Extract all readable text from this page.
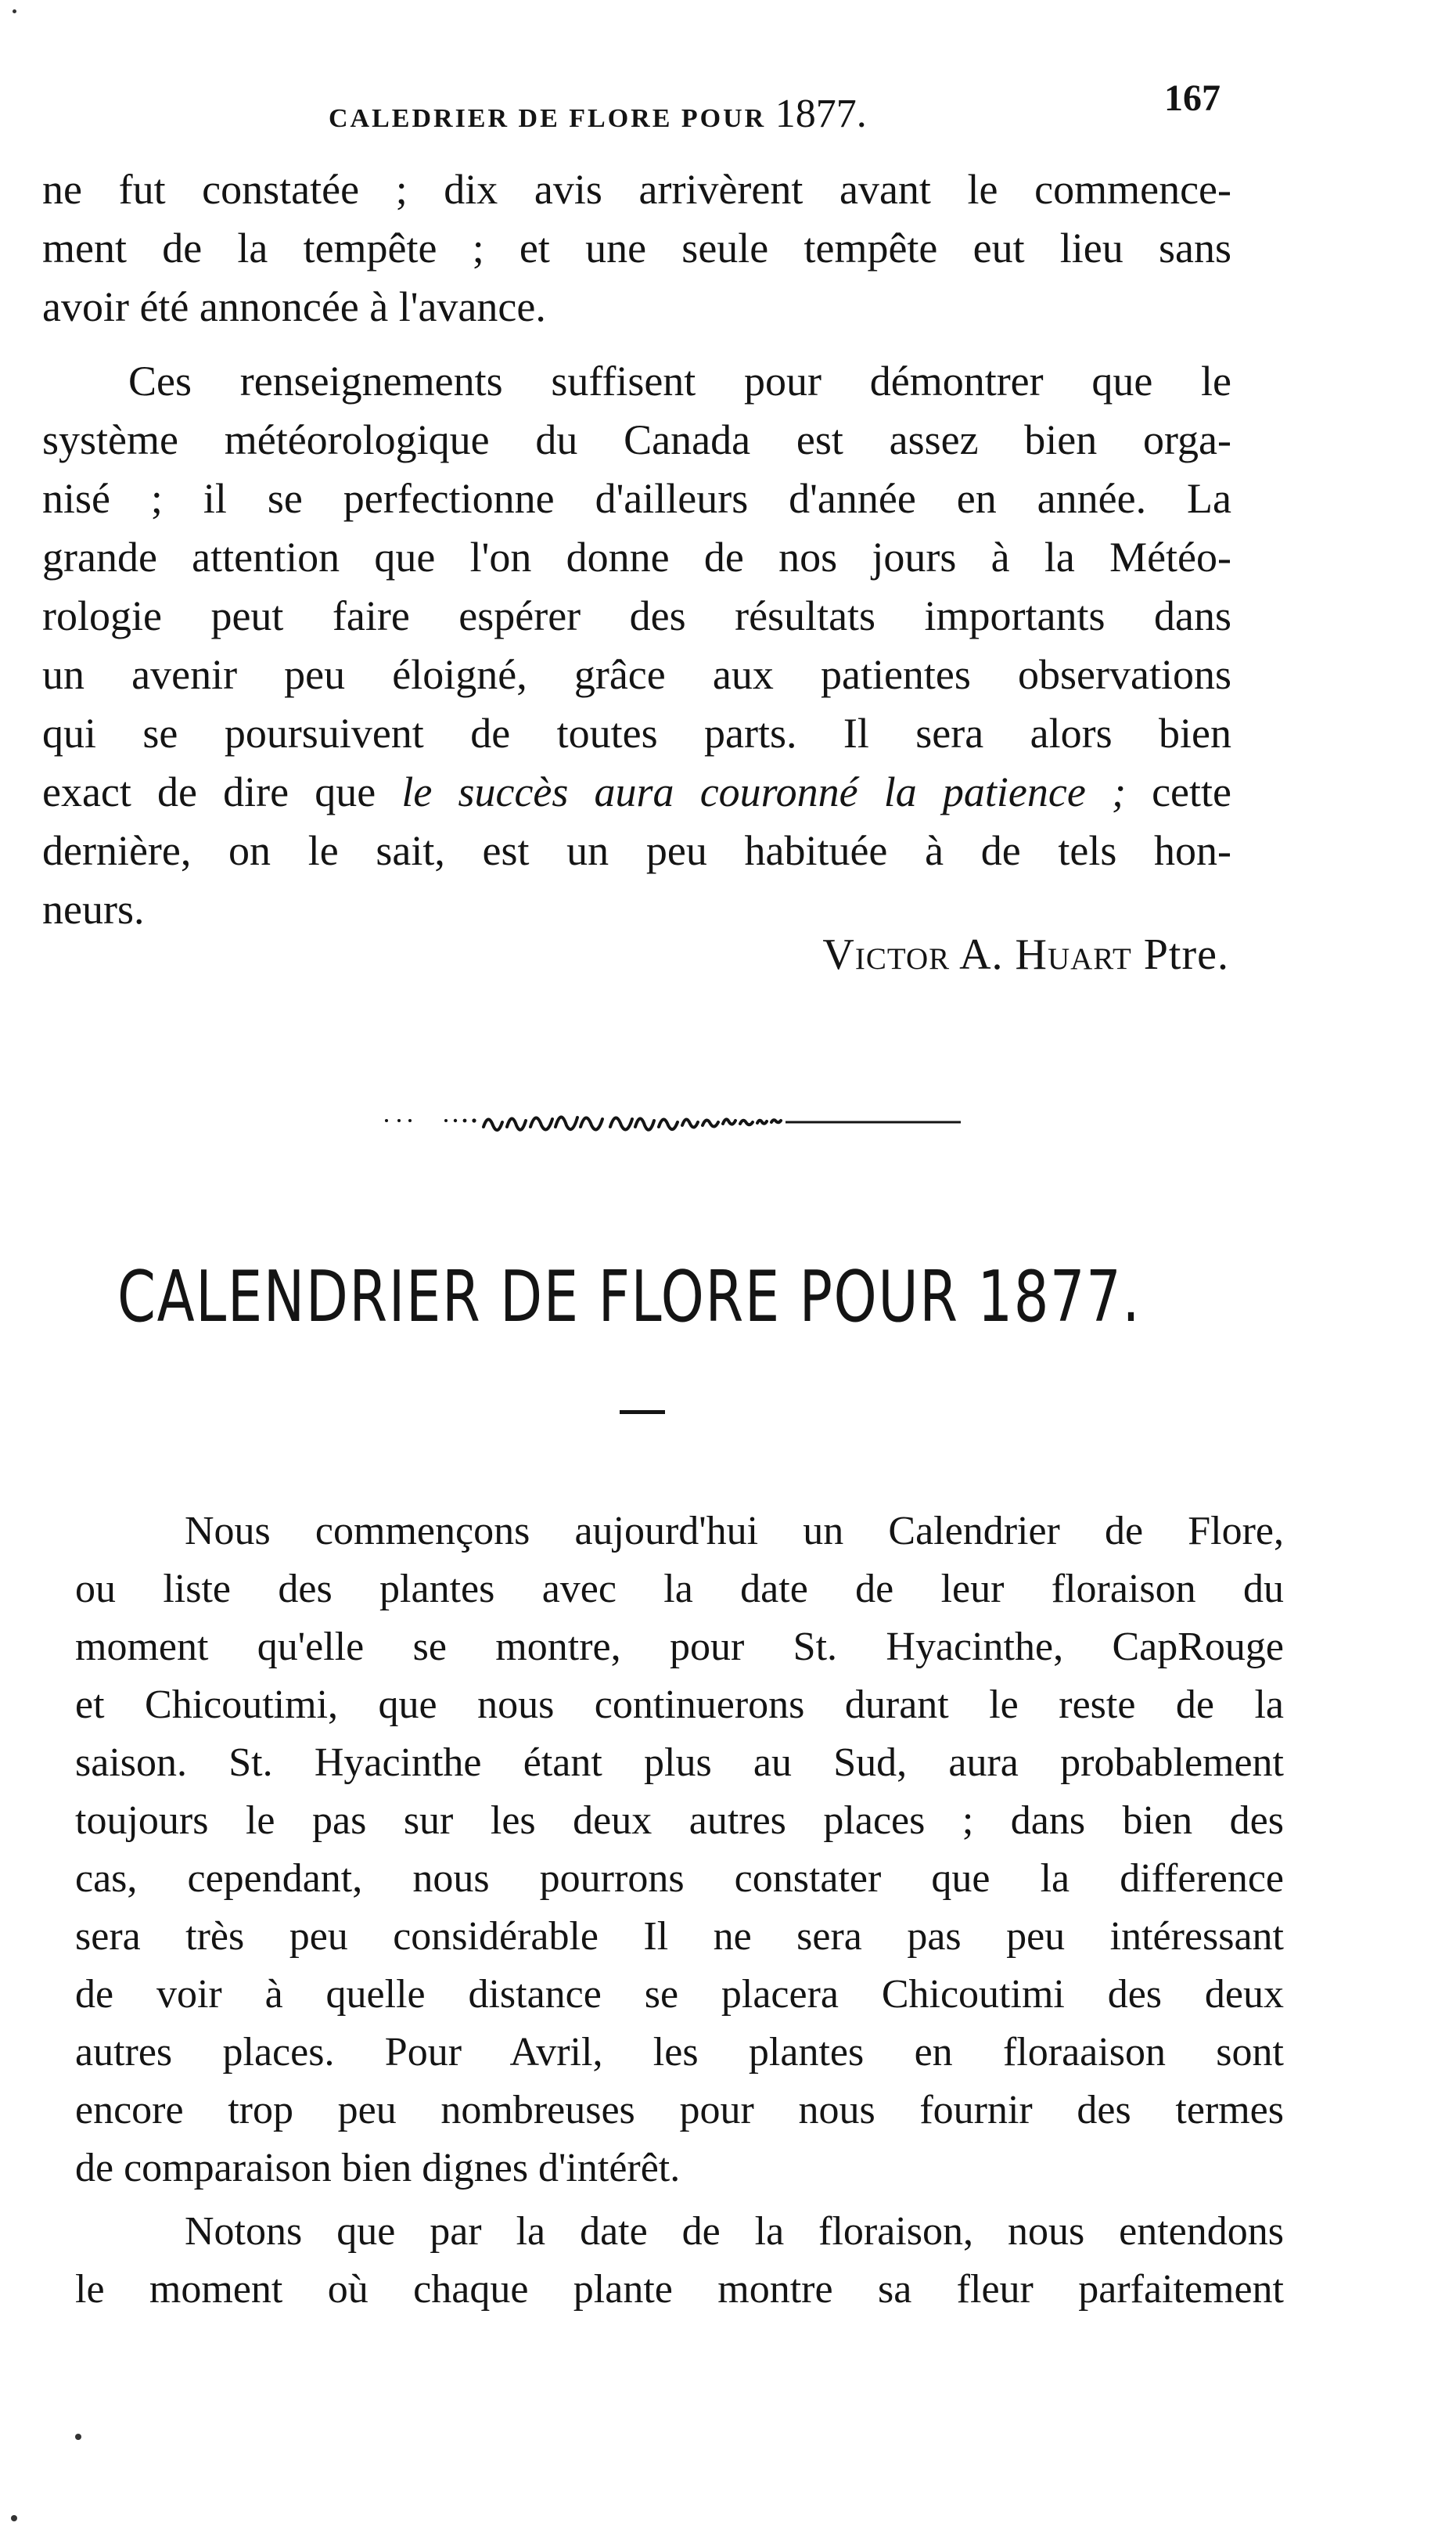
CALEDRIER DE FLORE POUR 1877.	167
ne fut constatée ; dix avis arrivèrent avant le commence-
ment de la tempête ; et une seule tempête eut lieu sans
avoir été annoncée à l'avance.
Ces renseignements suffisent pour démontrer que le
système météorologique du Canada est assez bien orga-
nisé ; il se perfectionne d'ailleurs d'année en année. La
grande attention que l'on donne de nos jours à la Météo-
rologie peut faire espérer des résultats importants dans
un avenir peu éloigné, grâce aux patientes observations
qui se poursuivent de toutes parts. Il sera alors bien
exact de dire que le succès aura couronné la patience ; cette
dernière, on le sait, est un peu habituée à de tels hon-
neurs.
Victor A. Huart Ptre.
CALENDRIER DE FLORE POUR 1877.
Nous commençons aujourd'hui un Calendrier de Flore,
ou liste des plantes avec la date de leur floraison du
moment qu'elle se montre, pour St. Hyacinthe, CapRouge
et Chicoutimi, que nous continuerons durant le reste de la
saison. St. Hyacinthe étant plus au Sud, aura probablement
toujours le pas sur les deux autres places ; dans bien des
cas, cependant, nous pourrons constater que la difference
sera très peu considérable Il ne sera pas peu intéressant
de voir à quelle distance se placera Chicoutimi des deux
autres places. Pour Avril, les plantes en floraaison sont
encore trop peu nombreuses pour nous fournir des termes
de comparaison bien dignes d'intérêt.
Notons que par la date de la floraison, nous entendons
le moment où chaque plante montre sa fleur parfaitement
